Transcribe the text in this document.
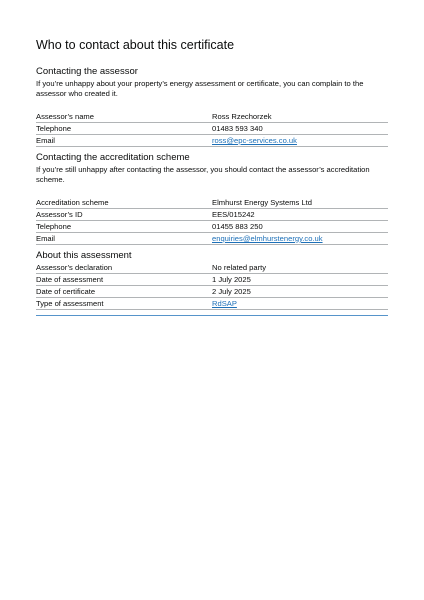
Who to contact about this certificate
Contacting the assessor

If you’re unhappy about your property’s energy assessment or certificate, you can complain to the assessor who created it.

Assessor’s name	Ross Rzechorzek
Telephone	01483 593 340
Email	ross@epc-services.co.uk
Contacting the accreditation scheme

If you’re still unhappy after contacting the assessor, you should contact the assessor’s accreditation scheme.

Accreditation scheme	Elmhurst Energy Systems Ltd
Assessor’s ID	EES/015242
Telephone	01455 883 250
Email	enquiries@elmhurstenergy.co.uk
About this assessment
Assessor’s declaration	No related party
Date of assessment	1 July 2025
Date of certificate	2 July 2025
Type of assessment	RdSAP
